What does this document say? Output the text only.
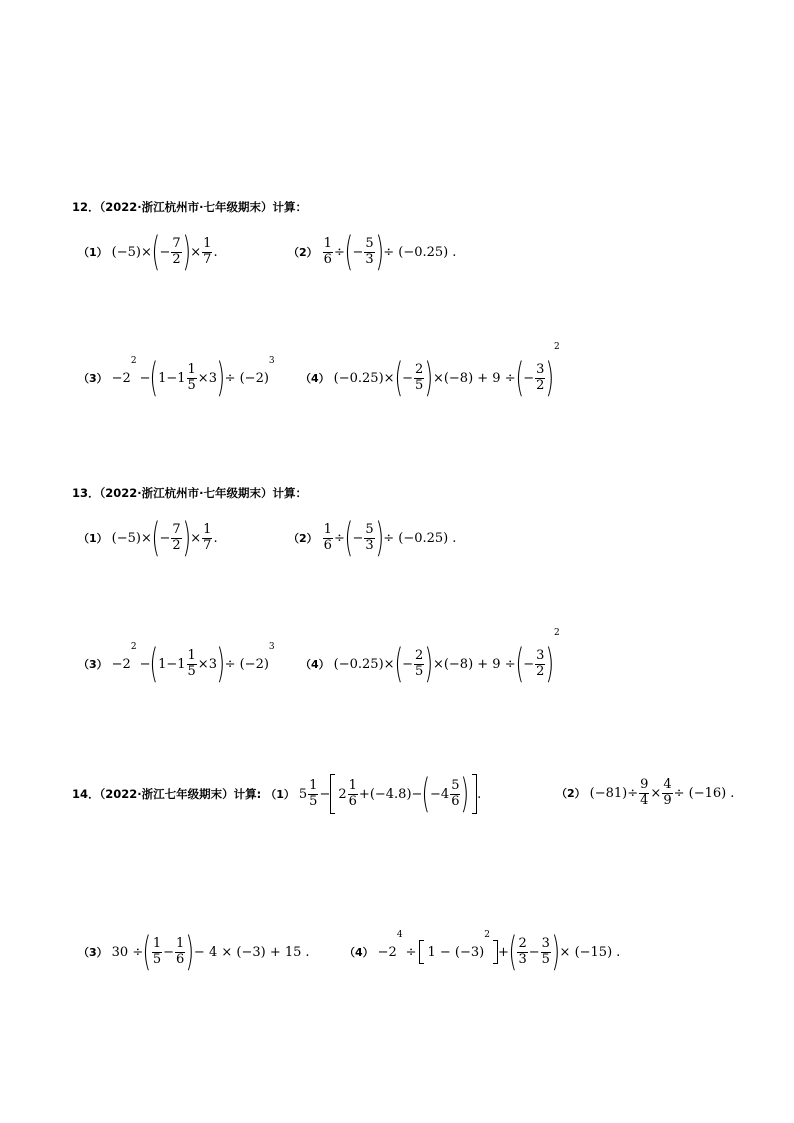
12．（2022·浙江杭州市·七年级期末）计算：
（1） (−5)× ( − $\frac{7}{2}$ ) × $\frac{1}{7}$ .	$(2) \frac{1}{6}$ ÷ ( − $\frac{5}{3}$ ) ÷ (−0.25) .
（3） −2
2
− ( $1-1 \frac{1}{5} \times 3$ ) ÷ (−2)
3
（4） (−0.25)× ( − $\frac{2}{5}$ ) ×(−8) + 9 ÷ ( − $\frac{3}{2}$ )
2
13．（2022·浙江杭州市·七年级期末）计算：
（1） (−5)× ( − $\frac{7}{2}$ ) × $\frac{1}{7}$ .	$(2) \frac{1}{6}$ ÷ ( − $\frac{5}{3}$ ) ÷ (−0.25) .
（3） −2
2
− ( $1-1 \frac{1}{5} \times 3$ ) ÷ (−2)
3
（4） (−0.25)× ( − $\frac{2}{5}$ ) ×(−8) + 9 ÷ ( − $\frac{3}{2}$ )
2
14．（2022·浙江七年级期末）计算: （1） $5 \frac{1}{5} - 2 \frac{1}{6} +(-4.8)-$ ( $-4 \frac{5}{6}$ ) .	（2） $(-81)\div \frac{9}{4} \times \frac{4}{9} \div (-16)$ .
（3） 30 ÷ ( $\frac{1}{5} - \frac{1}{6}$ ) − 4 × (−3) + 15 .	（4） −2
4
÷ 1 − (−3)
2
+ ( $\frac{2}{3} - \frac{3}{5}$ ) × (−15) .
